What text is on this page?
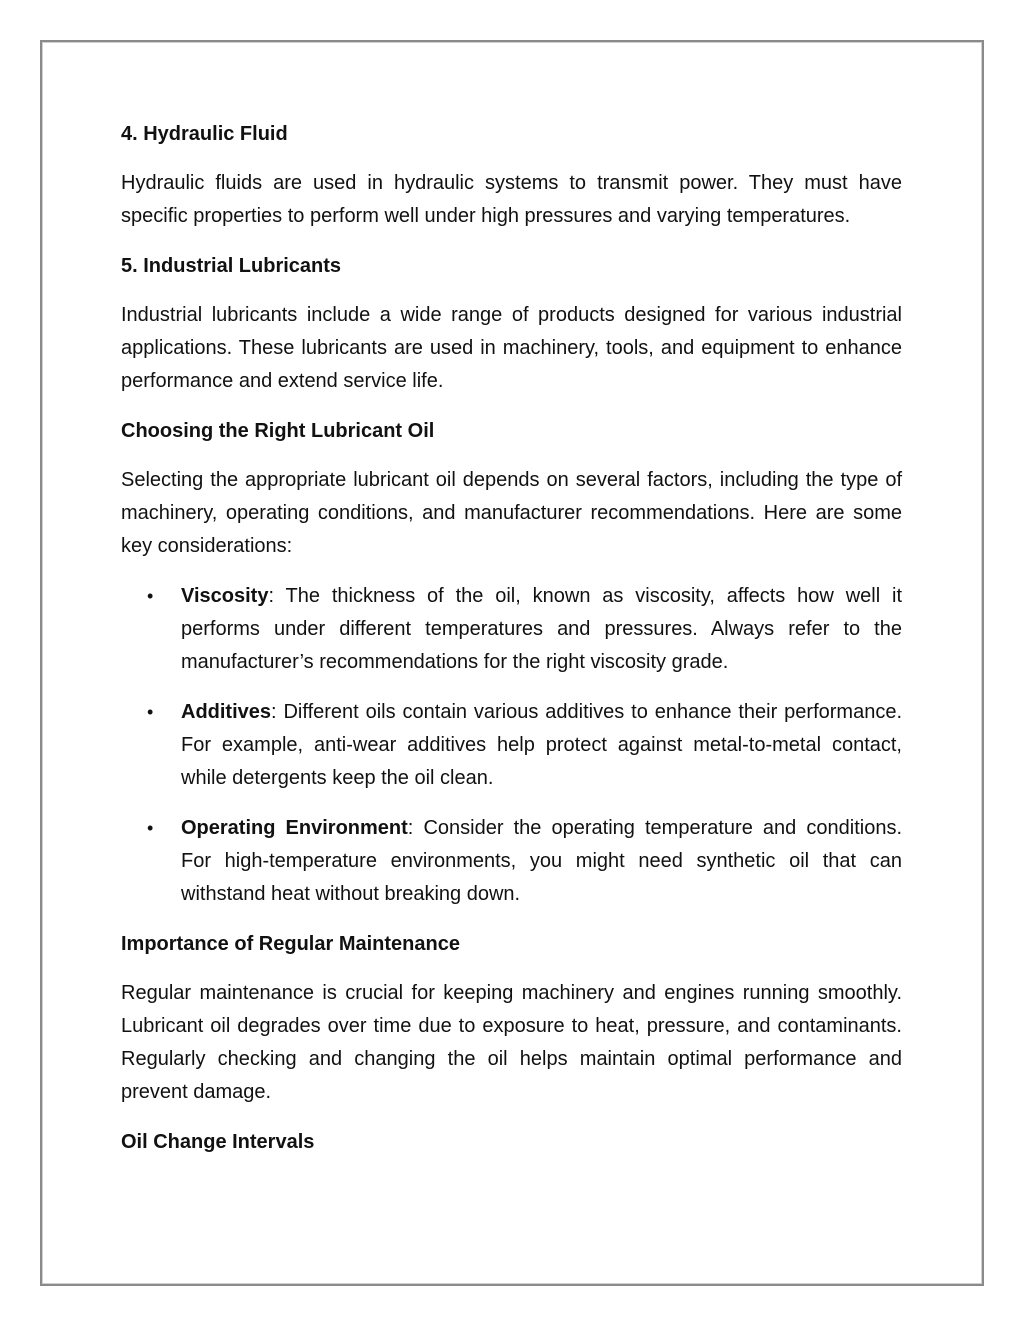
4. Hydraulic Fluid
Hydraulic fluids are used in hydraulic systems to transmit power. They must have specific properties to perform well under high pressures and varying temperatures.
5. Industrial Lubricants
Industrial lubricants include a wide range of products designed for various industrial applications. These lubricants are used in machinery, tools, and equipment to enhance performance and extend service life.
Choosing the Right Lubricant Oil
Selecting the appropriate lubricant oil depends on several factors, including the type of machinery, operating conditions, and manufacturer recommendations. Here are some key considerations:
• Viscosity: The thickness of the oil, known as viscosity, affects how well it performs under different temperatures and pressures. Always refer to the manufacturer’s recommendations for the right viscosity grade.
• Additives: Different oils contain various additives to enhance their performance. For example, anti-wear additives help protect against metal-to-metal contact, while detergents keep the oil clean.
• Operating Environment: Consider the operating temperature and conditions. For high-temperature environments, you might need synthetic oil that can withstand heat without breaking down.
Importance of Regular Maintenance
Regular maintenance is crucial for keeping machinery and engines running smoothly. Lubricant oil degrades over time due to exposure to heat, pressure, and contaminants. Regularly checking and changing the oil helps maintain optimal performance and prevent damage.
Oil Change Intervals
